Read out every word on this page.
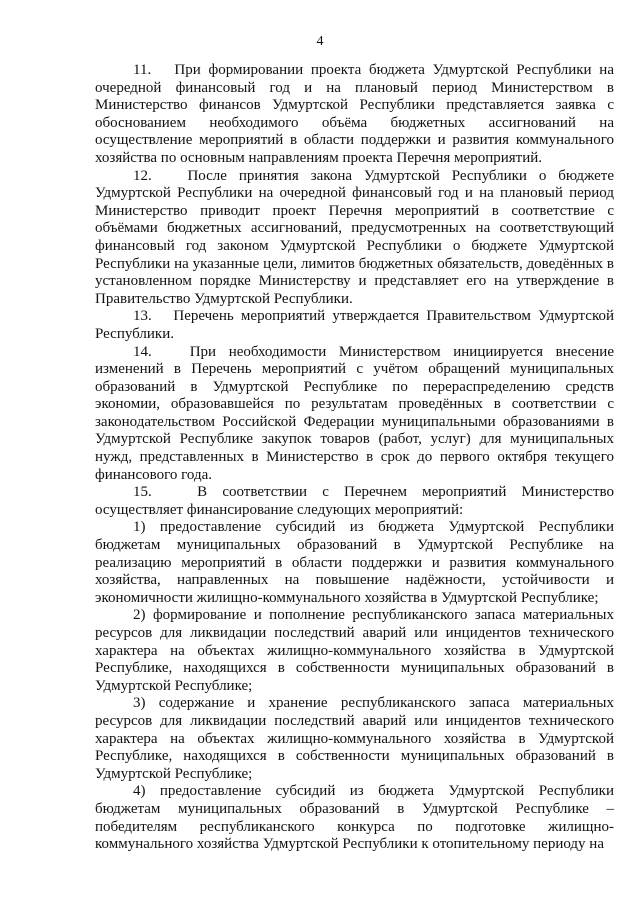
4

11.   При формировании проекта бюджета Удмуртской Республики на очередной финансовый год и на плановый период Министерством в Министерство финансов Удмуртской Республики представляется заявка с обоснованием необходимого объёма бюджетных ассигнований на осуществление мероприятий в области поддержки и развития коммунального хозяйства по основным направлениям проекта Перечня мероприятий.

12.   После принятия закона Удмуртской Республики о бюджете Удмуртской Республики на очередной финансовый год и на плановый период Министерство приводит проект Перечня мероприятий в соответствие с объёмами бюджетных ассигнований, предусмотренных на соответствующий финансовый год законом Удмуртской Республики о бюджете Удмуртской Республики на указанные цели, лимитов бюджетных обязательств, доведённых в установленном порядке Министерству и представляет его на утверждение в Правительство Удмуртской Республики.

13.   Перечень мероприятий утверждается Правительством Удмуртской Республики.

14.   При необходимости Министерством инициируется внесение изменений в Перечень мероприятий с учётом обращений муниципальных образований в Удмуртской Республике по перераспределению средств экономии, образовавшейся по результатам проведённых в соответствии с законодательством Российской Федерации муниципальными образованиями в Удмуртской Республике закупок товаров (работ, услуг) для муниципальных нужд, представленных в Министерство в срок до первого октября текущего финансового года.

15.   В соответствии с Перечнем мероприятий Министерство осуществляет финансирование следующих мероприятий:

1) предоставление субсидий из бюджета Удмуртской Республики бюджетам муниципальных образований в Удмуртской Республике на реализацию мероприятий в области поддержки и развития коммунального хозяйства, направленных на повышение надёжности, устойчивости и экономичности жилищно-коммунального хозяйства в Удмуртской Республике;

2) формирование и пополнение республиканского запаса материальных ресурсов для ликвидации последствий аварий или инцидентов технического характера на объектах жилищно-коммунального хозяйства в Удмуртской Республике, находящихся в собственности муниципальных образований в Удмуртской Республике;

3) содержание и хранение республиканского запаса материальных ресурсов для ликвидации последствий аварий или инцидентов технического характера на объектах жилищно-коммунального хозяйства в Удмуртской Республике, находящихся в собственности муниципальных образований в Удмуртской Республике;

4) предоставление субсидий из бюджета Удмуртской Республики бюджетам муниципальных образований в Удмуртской Республике – победителям республиканского конкурса по подготовке жилищно-коммунального хозяйства Удмуртской Республики к отопительному периоду на
